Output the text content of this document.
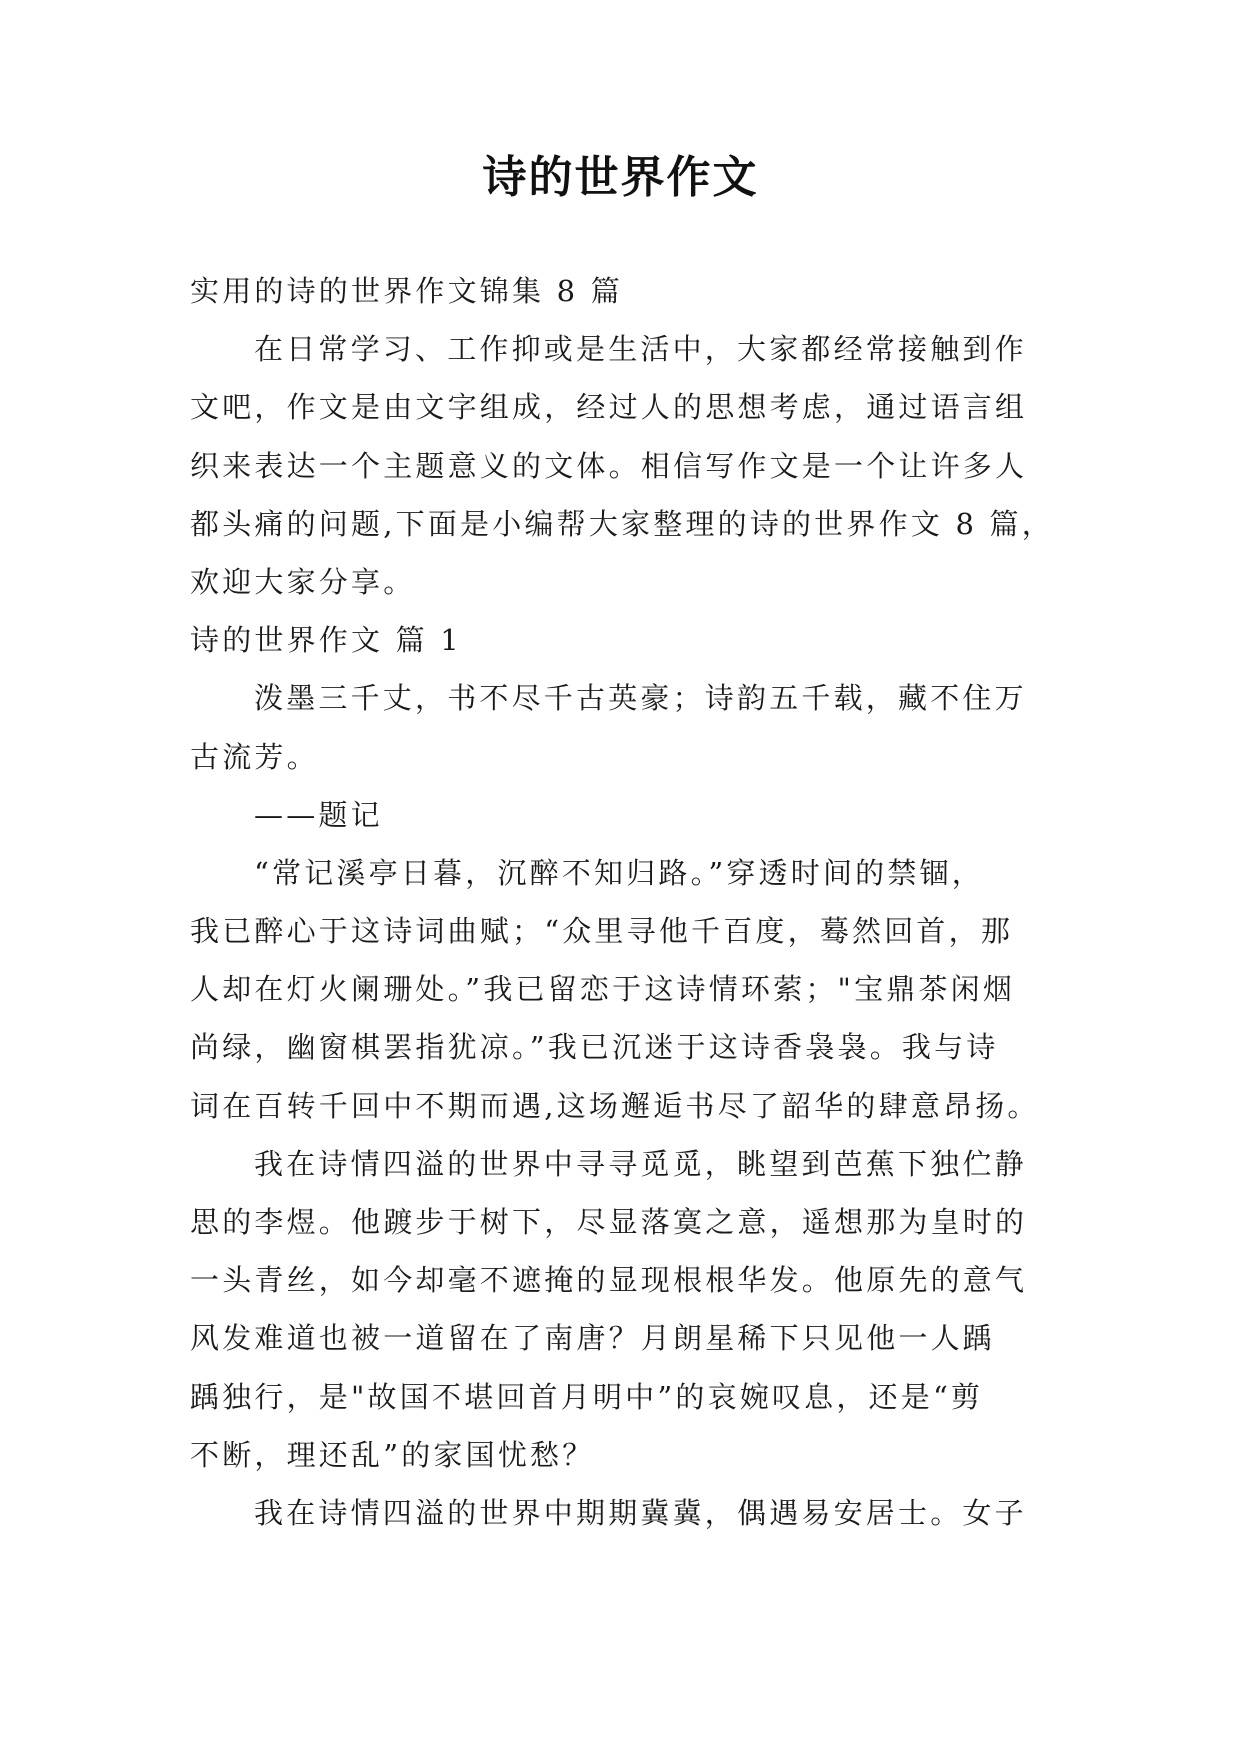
诗的世界作文
实用的诗的世界作文锦集 8 篇
在日常学习、工作抑或是生活中，大家都经常接触到作
文吧，作文是由文字组成，经过人的思想考虑，通过语言组
织来表达一个主题意义的文体。相信写作文是一个让许多人
都头痛的问题,下面是小编帮大家整理的诗的世界作文 8 篇，
欢迎大家分享。
诗的世界作文 篇 1
泼墨三千丈，书不尽千古英豪；诗韵五千载，藏不住万
古流芳。
——题记
“常记溪亭日暮，沉醉不知归路。”穿透时间的禁锢，
我已醉心于这诗词曲赋；“众里寻他千百度，蓦然回首，那
人却在灯火阑珊处。”我已留恋于这诗情环萦；"宝鼎茶闲烟
尚绿，幽窗棋罢指犹凉。”我已沉迷于这诗香袅袅。我与诗
词在百转千回中不期而遇,这场邂逅书尽了韶华的肆意昂扬。
我在诗情四溢的世界中寻寻觅觅，眺望到芭蕉下独伫静
思的李煜。他踱步于树下，尽显落寞之意，遥想那为皇时的
一头青丝，如今却毫不遮掩的显现根根华发。他原先的意气
风发难道也被一道留在了南唐？月朗星稀下只见他一人踽
踽独行，是"故国不堪回首月明中”的哀婉叹息，还是“剪
不断，理还乱”的家国忧愁？
我在诗情四溢的世界中期期冀冀，偶遇易安居士。女子
